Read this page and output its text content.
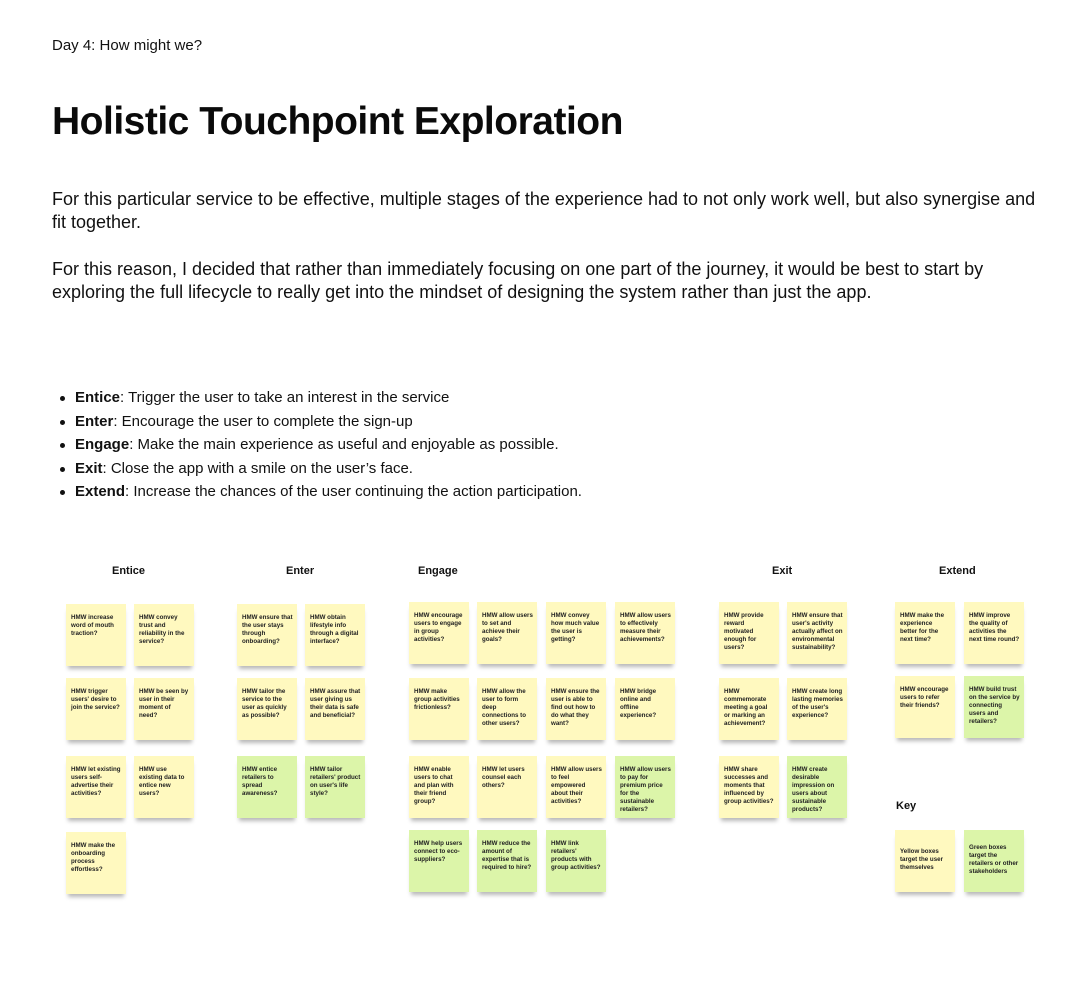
Day 4: How might we?
Holistic Touchpoint Exploration

For this particular service to be effective, multiple stages of the experience had to not only work well, but also synergise and fit together.

For this reason, I decided that rather than immediately focusing on one part of the journey, it would be best to start by exploring the full lifecycle to really get into the mindset of designing the system rather than just the app.

Entice: Trigger the user to take an interest in the service
Enter: Encourage the user to complete the sign-up
Engage: Make the main experience as useful and enjoyable as possible.
Exit: Close the app with a smile on the user’s face.
Extend: Increase the chances of the user continuing the action participation.
Entice	Enter	Engage	Exit	Extend
HMW increase word of mouth traction?
HMW convey trust and reliability in the service?
HMW trigger users' desire to join the service?
HMW be seen by user in their moment of need?
HMW let existing users self-advertise their activities?
HMW use existing data to entice new users?
HMW make the onboarding process effortless?
HMW ensure that the user stays through onboarding?
HMW obtain lifestyle info through a digital interface?
HMW tailor the service to the user as quickly as possible?
HMW assure that user giving us their data is safe and beneficial?
HMW entice retailers to spread awareness?
HMW tailor retailers' product on user's life style?
HMW encourage users to engage in group activities?
HMW allow users to set and achieve their goals?
HMW convey how much value the user is getting?
HMW allow users to effectively measure their achievements?
HMW make group activities frictionless?
HMW allow the user to form deep connections to other users?
HMW ensure the user is able to find out how to do what they want?
HMW bridge online and offline experience?
HMW enable users to chat and plan with their friend group?
HMW let users counsel each others?
HMW allow users to feel empowered about their activities?
HMW allow users to pay for premium price for the sustainable retailers?
HMW help users connect to eco-suppliers?
HMW reduce the amount of expertise that is required to hire?
HMW link retailers' products with group activities?
HMW provide reward motivated enough for users?
HMW ensure that user's activity actually affect on environmental sustainability?
HMW commemorate meeting a goal or marking an achievement?
HMW create long lasting memories of the user's experience?
HMW share successes and moments that influenced by group activities?
HMW create desirable impression on users about sustainable products?
HMW make the experience better for the next time?
HMW improve the quality of activities the next time round?
HMW encourage users to refer their friends?
HMW build trust on the service by connecting users and retailers?
Key
Yellow boxes target the user themselves
Green boxes target the retailers or other stakeholders
